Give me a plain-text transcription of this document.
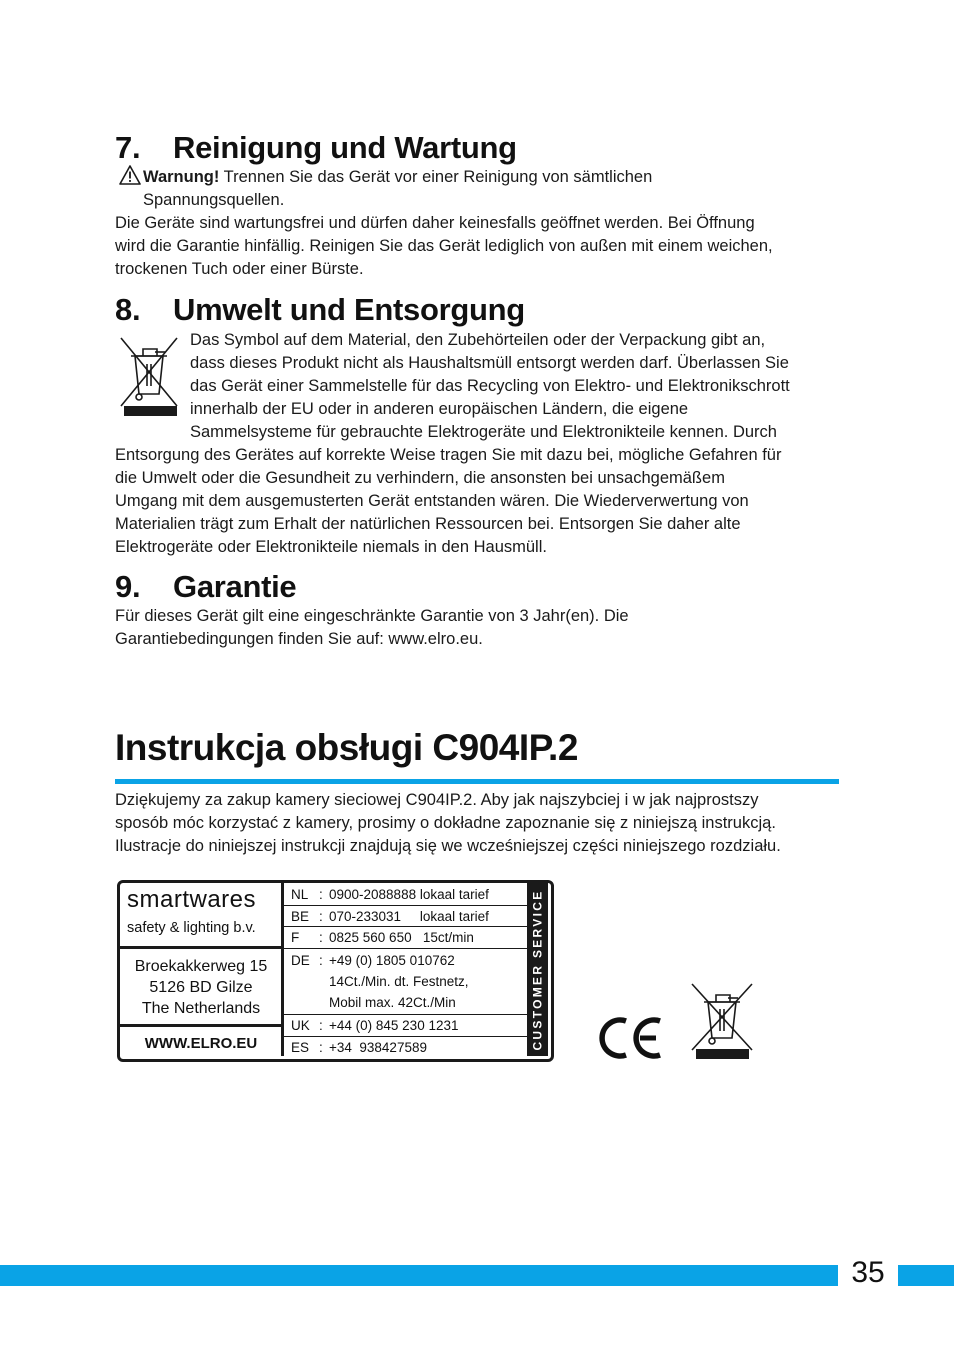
7. Reinigung und Wartung
Warnung! Trennen Sie das Gerät vor einer Reinigung von sämtlichen
Spannungsquellen.
Die Geräte sind wartungsfrei und dürfen daher keinesfalls geöffnet werden. Bei Öffnung
wird die Garantie hinfällig. Reinigen Sie das Gerät lediglich von außen mit einem weichen,
trockenen Tuch oder einer Bürste.
8. Umwelt und Entsorgung
Das Symbol auf dem Material, den Zubehörteilen oder der Verpackung gibt an,
dass dieses Produkt nicht als Haushaltsmüll entsorgt werden darf. Überlassen Sie
das Gerät einer Sammelstelle für das Recycling von Elektro- und Elektronikschrott
innerhalb der EU oder in anderen europäischen Ländern, die eigene
Sammelsysteme für gebrauchte Elektrogeräte und Elektronikteile kennen. Durch
Entsorgung des Gerätes auf korrekte Weise tragen Sie mit dazu bei, mögliche Gefahren für
die Umwelt oder die Gesundheit zu verhindern, die ansonsten bei unsachgemäßem
Umgang mit dem ausgemusterten Gerät entstanden wären. Die Wiederverwertung von
Materialien trägt zum Erhalt der natürlichen Ressourcen bei. Entsorgen Sie daher alte
Elektrogeräte oder Elektronikteile niemals in den Hausmüll.
9. Garantie
Für dieses Gerät gilt eine eingeschränkte Garantie von 3 Jahr(en). Die
Garantiebedingungen finden Sie auf: www.elro.eu.
Instrukcja obsługi C904IP.2
Dziękujemy za zakup kamery sieciowej C904IP.2. Aby jak najszybciej i w jak najprostszy
sposób móc korzystać z kamery, prosimy o dokładne zapoznanie się z niniejszą instrukcją.
Ilustracje do niniejszej instrukcji znajdują się we wcześniejszej części niniejszego rozdziału.
CUSTOMER SERVICE
smartwares
safety & lighting b.v.
Broekakkerweg 15
5126 BD Gilze
The Netherlands
WWW.ELRO.EU
NL : 0900-2088888 lokaal tarief
BE : 070-233031     lokaal tarief
F : 0825 560 650   15ct/min
DE : +49 (0) 1805 010762
14Ct./Min. dt. Festnetz,
Mobil max. 42Ct./Min
UK : +44 (0) 845 230 1231
ES : +34  938427589
35
